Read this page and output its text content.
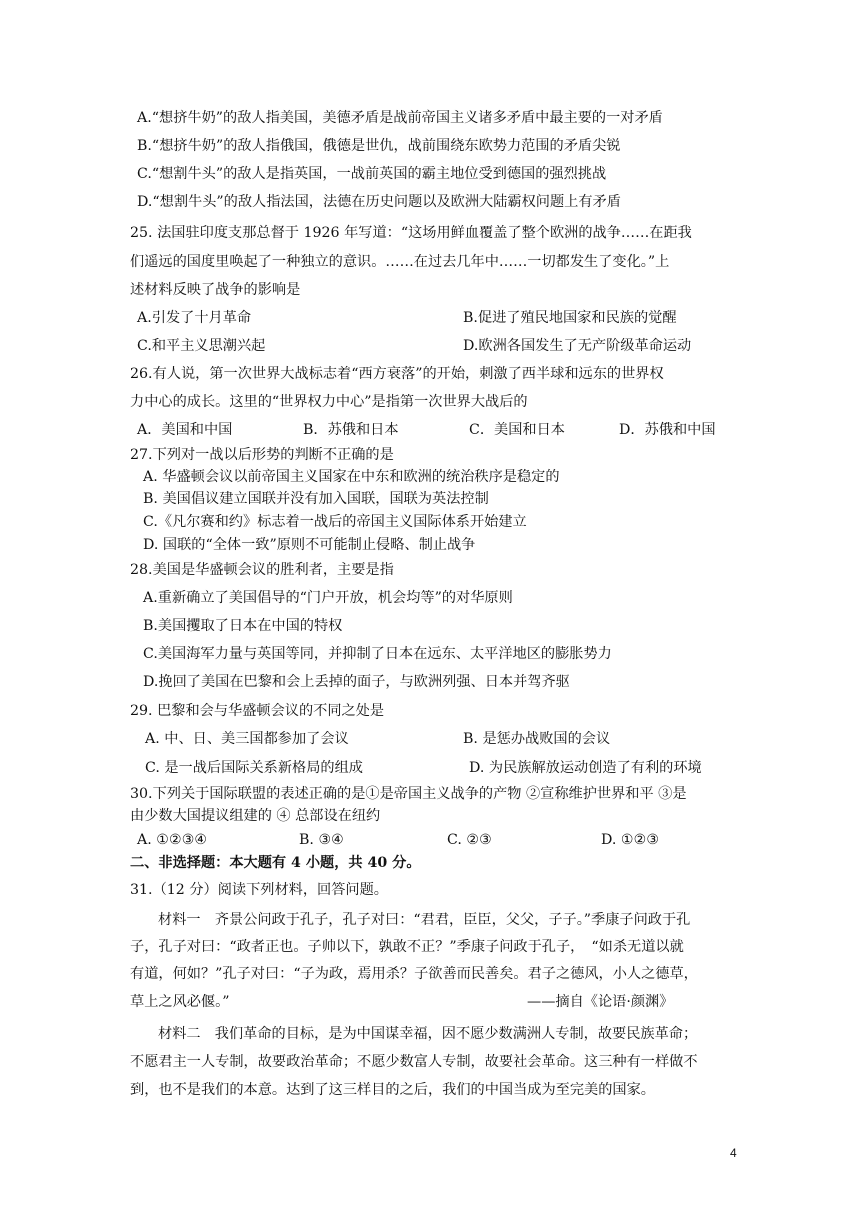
A.“想挤牛奶”的敌人指美国，美德矛盾是战前帝国主义诸多矛盾中最主要的一对矛盾
B.“想挤牛奶”的敌人指俄国，俄德是世仇，战前围绕东欧势力范围的矛盾尖锐
C.“想割牛头”的敌人是指英国，一战前英国的霸主地位受到德国的强烈挑战
D.“想割牛头”的敌人指法国，法德在历史问题以及欧洲大陆霸权问题上有矛盾
25. 法国驻印度支那总督于 1926 年写道：“这场用鲜血覆盖了整个欧洲的战争……在距我
们遥远的国度里唤起了一种独立的意识。……在过去几年中……一切都发生了变化。”上
述材料反映了战争的影响是
A.引发了十月革命	B.促进了殖民地国家和民族的觉醒
C.和平主义思潮兴起	D.欧洲各国发生了无产阶级革命运动
26.有人说，第一次世界大战标志着“西方衰落”的开始，刺激了西半球和远东的世界权
力中心的成长。这里的“世界权力中心”是指第一次世界大战后的
A．美国和中国	B．苏俄和日本	C．美国和日本	D．苏俄和中国
27.下列对一战以后形势的判断不正确的是
A. 华盛顿会议以前帝国主义国家在中东和欧洲的统治秩序是稳定的
B. 美国倡议建立国联并没有加入国联，国联为英法控制
C.《凡尔赛和约》标志着一战后的帝国主义国际体系开始建立
D. 国联的“全体一致”原则不可能制止侵略、制止战争
28.美国是华盛顿会议的胜利者，主要是指
A.重新确立了美国倡导的“门户开放，机会均等”的对华原则
B.美国攫取了日本在中国的特权
C.美国海军力量与英国等同，并抑制了日本在远东、太平洋地区的膨胀势力
D.挽回了美国在巴黎和会上丢掉的面子，与欧洲列强、日本并驾齐驱
29. 巴黎和会与华盛顿会议的不同之处是
A. 中、日、美三国都参加了会议	B. 是惩办战败国的会议
C. 是一战后国际关系新格局的组成	D. 为民族解放运动创造了有利的环境
30.下列关于国际联盟的表述正确的是①是帝国主义战争的产物 ②宣称维护世界和平 ③是
由少数大国提议组建的 ④ 总部设在纽约
A. ①②③④	B. ③④	C. ②③	D. ①②③
二、非选择题：本大题有 4 小题，共 40 分。
31.（12 分）阅读下列材料，回答问题。
材料一　齐景公问政于孔子，孔子对曰：“君君，臣臣，父父，子子。”季康子问政于孔
子，孔子对曰：“政者正也。子帅以下，孰敢不正？”季康子问政于孔子，　“如杀无道以就
有道，何如？”孔子对曰：“子为政，焉用杀？子欲善而民善矣。君子之德风，小人之德草，
草上之风必偃。”	——摘自《论语·颜渊》
材料二　我们革命的目标，是为中国谋幸福，因不愿少数满洲人专制，故要民族革命；
不愿君主一人专制，故要政治革命；不愿少数富人专制，故要社会革命。这三种有一样做不
到，也不是我们的本意。达到了这三样目的之后，我们的中国当成为至完美的国家。
4
